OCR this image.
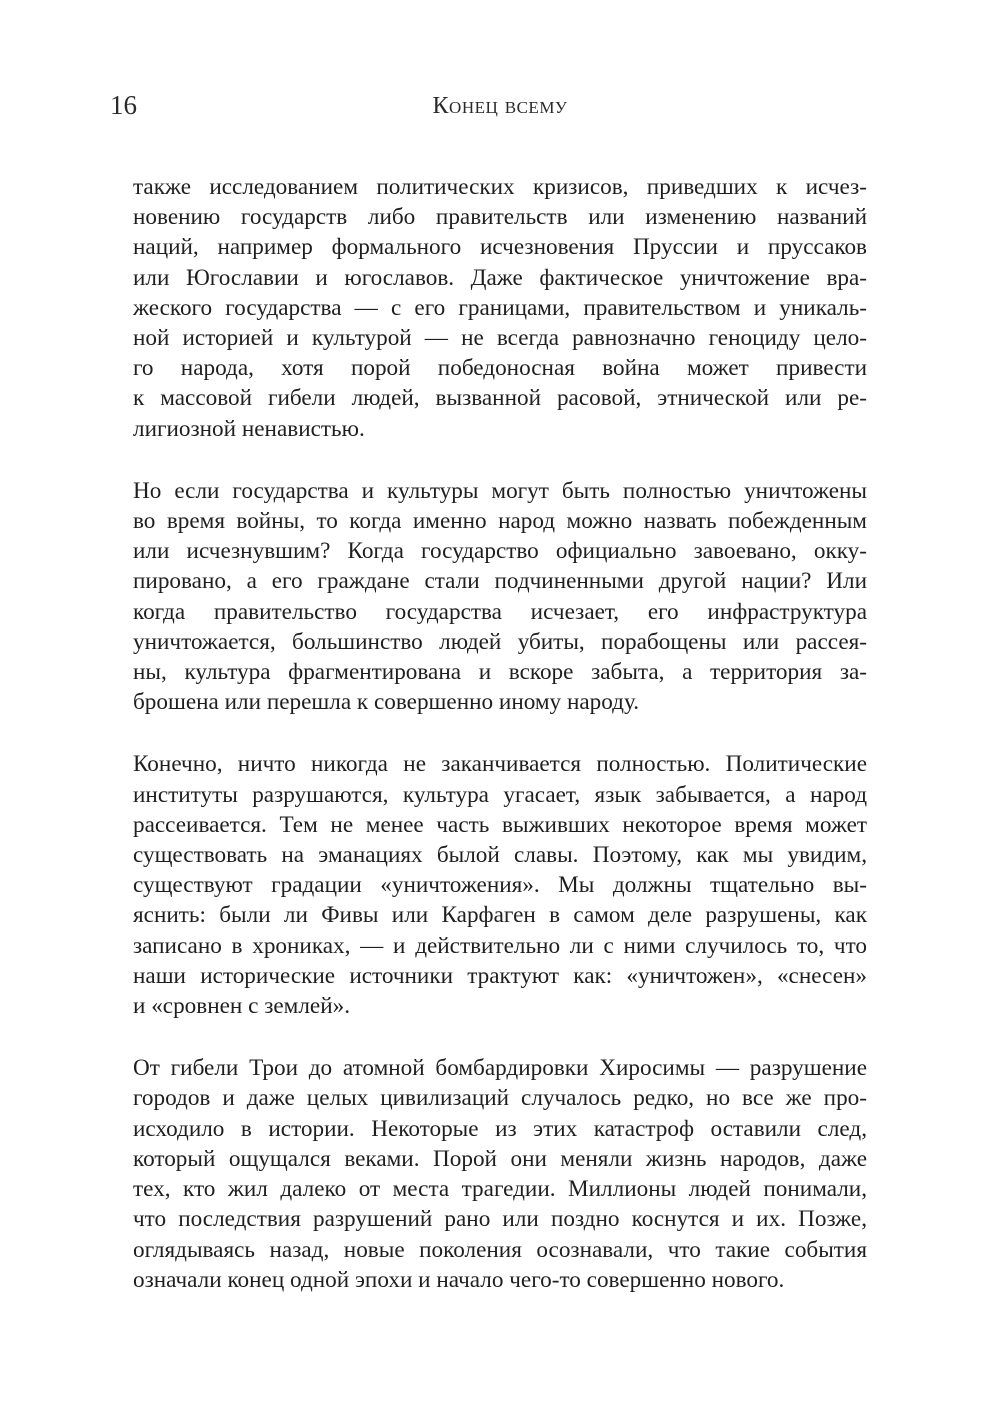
16	Конец всему

также исследованием политических кризисов, приведших к исчез-
новению государств либо правительств или изменению названий
наций, например формального исчезновения Пруссии и пруссаков
или Югославии и югославов. Даже фактическое уничтожение вра-
жеского государства — с его границами, правительством и уникаль-
ной историей и культурой — не всегда равнозначно геноциду цело-
го народа, хотя порой победоносная война может привести
к массовой гибели людей, вызванной расовой, этнической или ре-
лигиозной ненавистью.

Но если государства и культуры могут быть полностью уничтожены
во время войны, то когда именно народ можно назвать побежденным
или исчезнувшим? Когда государство официально завоевано, окку-
пировано, а его граждане стали подчиненными другой нации? Или
когда правительство государства исчезает, его инфраструктура
уничтожается, большинство людей убиты, порабощены или рассея-
ны, культура фрагментирована и вскоре забыта, а территория за-
брошена или перешла к совершенно иному народу.

Конечно, ничто никогда не заканчивается полностью. Политические
институты разрушаются, культура угасает, язык забывается, а народ
рассеивается. Тем не менее часть выживших некоторое время может
существовать на эманациях былой славы. Поэтому, как мы увидим,
существуют градации «уничтожения». Мы должны тщательно вы-
яснить: были ли Фивы или Карфаген в самом деле разрушены, как
записано в хрониках, — и действительно ли с ними случилось то, что
наши исторические источники трактуют как: «уничтожен», «снесен»
и «сровнен с землей».

От гибели Трои до атомной бомбардировки Хиросимы — разрушение
городов и даже целых цивилизаций случалось редко, но все же про-
исходило в истории. Некоторые из этих катастроф оставили след,
который ощущался веками. Порой они меняли жизнь народов, даже
тех, кто жил далеко от места трагедии. Миллионы людей понимали,
что последствия разрушений рано или поздно коснутся и их. Позже,
оглядываясь назад, новые поколения осознавали, что такие события
означали конец одной эпохи и начало чего-то совершенно нового.
